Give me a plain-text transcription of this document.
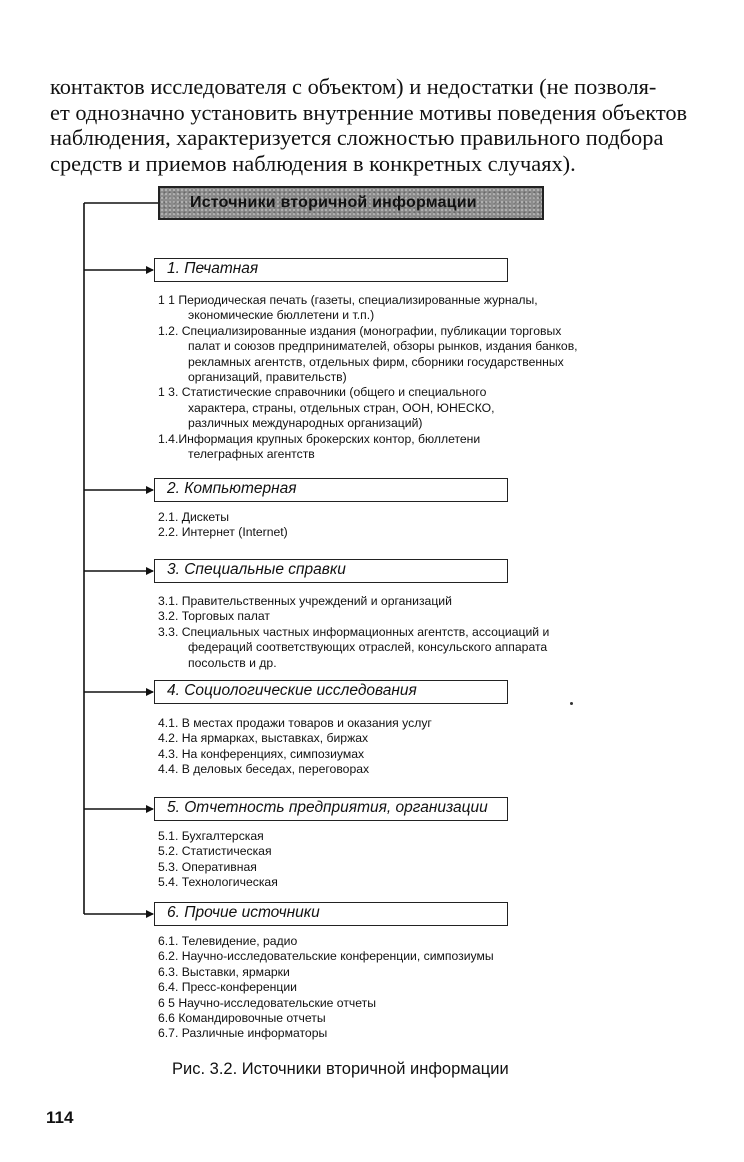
контактов исследователя с объектом) и недостатки (не позволя-
ет однозначно установить внутренние мотивы поведения объектов
наблюдения, характеризуется сложностью правильного подбора
средств и приемов наблюдения в конкретных случаях).

Источники вторичной информации
1. Печатная
1 1 Периодическая печать (газеты, специализированные журналы,
экономические бюллетени и т.п.)
1.2. Специализированные издания (монографии, публикации торговых
палат и союзов предпринимателей, обзоры рынков, издания банков,
рекламных агентств, отдельных фирм, сборники государственных
организаций, правительств)
1 3. Статистические справочники (общего и специального
характера, страны, отдельных стран, ООН, ЮНЕСКО,
различных международных организаций)
1.4.Информация крупных брокерских контор, бюллетени
телеграфных агентств
2. Компьютерная
2.1. Дискеты
2.2. Интернет (Internet)
3. Специальные справки
3.1. Правительственных учреждений и организаций
3.2. Торговых палат
3.3. Специальных частных информационных агентств, ассоциаций и
федераций соответствующих отраслей, консульского аппарата
посольств и др.
4. Социологические исследования
4.1. В местах продажи товаров и оказания услуг
4.2. На ярмарках, выставках, биржах
4.3. На конференциях, симпозиумах
4.4. В деловых беседах, переговорах
5. Отчетность предприятия, организации
5.1. Бухгалтерская
5.2. Статистическая
5.3. Оперативная
5.4. Технологическая
6. Прочие источники
6.1. Телевидение, радио
6.2. Научно-исследовательские конференции, симпозиумы
6.3. Выставки, ярмарки
6.4. Пресс-конференции
6 5 Научно-исследовательские отчеты
6.6 Командировочные отчеты
6.7. Различные информаторы
Рис. 3.2. Источники вторичной информации
114
